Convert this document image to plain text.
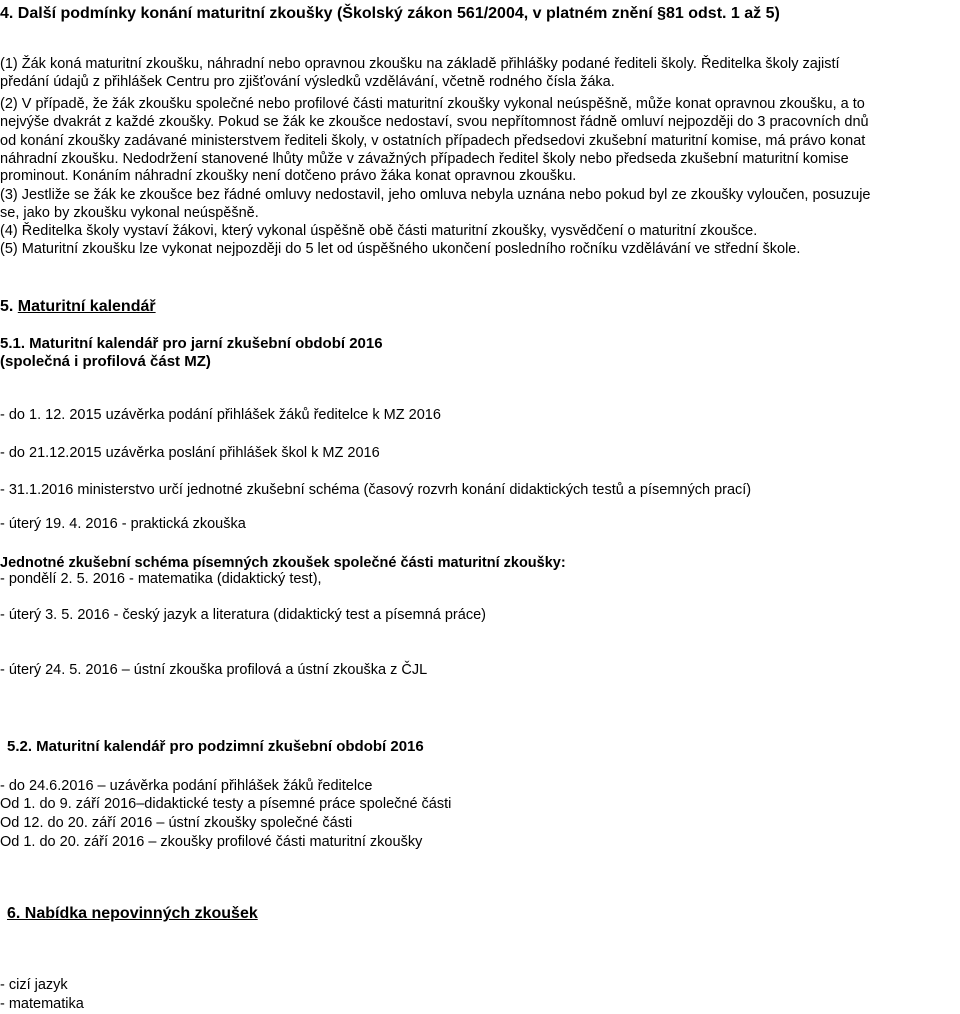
4. Další podmínky konání maturitní zkoušky (Školský zákon 561/2004, v platném znění §81 odst. 1 až 5)
(1) Žák koná maturitní zkoušku, náhradní nebo opravnou zkoušku na základě přihlášky podané řediteli školy. Ředitelka školy zajistí
předání údajů z přihlášek Centru pro zjišťování výsledků vzdělávání, včetně rodného čísla žáka.
(2) V případě, že žák zkoušku společné nebo profilové části maturitní zkoušky vykonal neúspěšně, může konat opravnou zkoušku, a to
nejvýše dvakrát z každé zkoušky. Pokud se žák ke zkoušce nedostaví, svou nepřítomnost řádně omluví nejpozději do 3 pracovních dnů
od konání zkoušky zadávané ministerstvem řediteli školy, v ostatních případech předsedovi zkušební maturitní komise, má právo konat
náhradní zkoušku. Nedodržení stanovené lhůty může v závažných případech ředitel školy nebo předseda zkušební maturitní komise
prominout. Konáním náhradní zkoušky není dotčeno právo žáka konat opravnou zkoušku.
(3) Jestliže se žák ke zkoušce bez řádné omluvy nedostavil, jeho omluva nebyla uznána nebo pokud byl ze zkoušky vyloučen, posuzuje
se, jako by zkoušku vykonal neúspěšně.
(4) Ředitelka školy vystaví žákovi, který vykonal úspěšně obě části maturitní zkoušky, vysvědčení o maturitní zkoušce.
(5) Maturitní zkoušku lze vykonat nejpozději do 5 let od úspěšného ukončení posledního ročníku vzdělávání ve střední škole.
5. Maturitní kalendář
5.1. Maturitní kalendář pro jarní zkušební období 2016
(společná i profilová část MZ)
- do 1. 12. 2015 uzávěrka podání přihlášek žáků ředitelce k MZ 2016
- do 21.12.2015 uzávěrka poslání přihlášek škol k MZ 2016
- 31.1.2016 ministerstvo určí jednotné zkušební schéma (časový rozvrh konání didaktických testů a písemných prací)
- úterý 19. 4. 2016 - praktická zkouška
Jednotné zkušební schéma písemných zkoušek společné části maturitní zkoušky:
- pondělí 2. 5. 2016 - matematika (didaktický test),
- úterý 3. 5. 2016 - český jazyk a literatura (didaktický test a písemná práce)
- úterý 24. 5. 2016 – ústní zkouška profilová a ústní zkouška z ČJL
5.2. Maturitní kalendář pro podzimní zkušební období 2016
- do 24.6.2016 – uzávěrka podání přihlášek žáků ředitelce
Od 1. do 9. září 2016–didaktické testy a písemné práce společné části
Od 12. do 20. září 2016 – ústní zkoušky společné části
Od 1. do 20. září 2016 – zkoušky profilové části maturitní zkoušky
6. Nabídka nepovinných zkoušek
- cizí jazyk
- matematika
